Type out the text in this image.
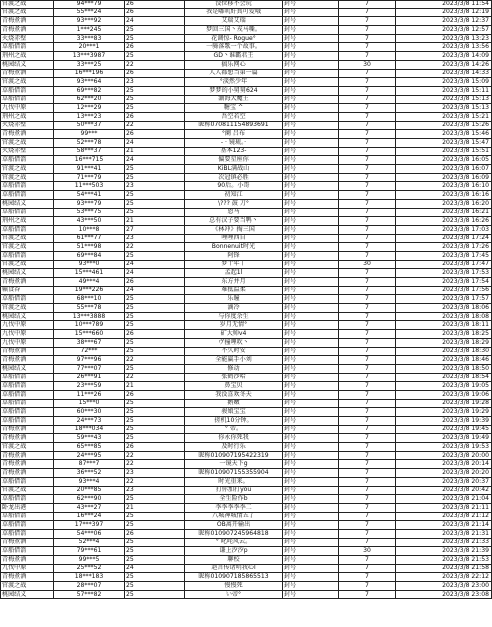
官渡之战	94***79	26	没位移不会玩	封号	7	2023/3/8 11:54
官渡之战	55***24	26	我是嘟叽好真可爱哦	封号	7	2023/3/8 12:19
青梅煮酒	93***92	24	艾瑞艾瑞	封号	7	2023/3/8 12:37
青梅煮酒	1***245	25	梦回三国丶戎马嘶。	封号	7	2023/3/8 12:57
火烧赤壁	33***83	25	花调惊- Rogue°	封号	7	2023/3/8 13:23
草船借箭	20***1	26	一骑落歌一个故事。	封号	7	2023/3/8 13:56
荆州之战	13***3987	25	GD丶谁霸君王	封号	7	2023/3/8 14:09
桃园结义	33***25	22	搞乐网心	封号	30	2023/3/8 14:26
青梅煮酒	16***196	26	人人都想当第一篇	封号	7	2023/3/8 14:33
官渡之战	93***64	23	°淡然少年	封号	7	2023/3/8 15:09
草船借箭	69***82	25	梦梦的小舅舅624	封号	7	2023/3/8 15:11
草船借箭	62***20	25	潮海大魔王	封号	7	2023/3/8 15:13
九伐中原	12***29	25	糖宝 ^	封号	7	2023/3/8 15:13
荆州之战	13***23	26	吾空若空	封号	7	2023/3/8 15:21
火烧赤壁	50***37	22	昵称070811154893691	封号	7	2023/3/8 15:26
青梅煮酒	99***	26	°阑 吕布	封号	7	2023/3/8 15:46
官渡之战	52***78	24	- · 镜琉。·	封号	7	2023/3/8 15:47
火烧赤壁	58***37	21	基本123-	封号	7	2023/3/8 15:51
草船借箭	16***715	24	偏要星座你	封号	7	2023/3/8 16:05
官渡之战	91***41	25	KiBL满战山	封号	7	2023/3/8 16:07
官渡之战	71***79	25	次冠镇必胜	封号	7	2023/3/8 16:09
草船借箭	11***503	23	90后。小哥	封号	7	2023/3/8 16:10
草船借箭	54***41	25	初知江	封号	7	2023/3/8 16:16
桃园结义	93***79	25	\??? 鼓 刀°	封号	7	2023/3/8 16:20
草船借箭	53***75	25	恩马	封号	7	2023/3/8 16:21
荆州之战	43***50	21	总有汉子要当鸭丶	封号	7	2023/3/8 16:26
草船借箭	10***8	27	《林冲》掏三国	封号	7	2023/3/8 17:03
官渡之战	61***77	23	哩哩西自	封号	7	2023/3/8 17:24
官渡之战	51***98	22	Bonnenuit时光	封号	7	2023/3/8 17:26
草船借箭	69***84	25	阿锋	封号	7	2023/3/8 17:45
官渡之战	93***0	24	梦十年丨	封号	30	2023/3/8 17:47
桃园结义	15***461	24	孟起1l	封号	7	2023/3/8 17:53
青梅煮酒	49***4	26	东方并月	封号	7	2023/3/8 17:54
辗食谷	19***226	24	难抵温柔	封号	7	2023/3/8 17:56
草船借箭	68***10	25	乐瞳	封号	7	2023/3/8 17:57
官渡之战	55***78	25	滴冷	封号	7	2023/3/8 18:06
桃园结义	13***3888	25	与你度余生	封号	7	2023/3/8 18:08
九伐中原	10***789	25	岁月无情°	封号	7	2023/3/8 18:11
九伐中原	15***660	26	矿大帅v4	封号	7	2023/3/8 18:25
九伐中原	38***67	25	ヴ撞哩吹丶	封号	7	2023/3/8 18:29
青梅煮酒	72***	25	不久时安	封号	7	2023/3/8 18:30
青梅煮酒	97***96	22	全能赢手小刘	封号	7	2023/3/8 18:46
桃园结义	77***07	25	修动	封号	7	2023/3/8 18:50
草船借箭	26***91	22	张鹤沙哈	封号	7	2023/3/8 18:54
草船借箭	23***59	21	鼻宝贝	封号	7	2023/3/8 19:05
草船借箭	11***26	26	我没喜欢冬天	封号	7	2023/3/8 19:06
草船借箭	15***0	25	鹅嫩	封号	7	2023/3/8 19:28
草船借箭	60***30	25	骏娘宝宝	封号	7	2023/3/8 19:29
草船借箭	24***73	25	搓机10分钟。	封号	7	2023/3/8 19:39
青梅煮酒	18***034	25	° 帝。	封号	7	2023/3/8 19:45
青梅煮酒	59***43	25	你永你死我	封号	7	2023/3/8 19:49
官渡之战	65***85	26	及时行乐	封号	7	2023/3/8 19:53
青梅煮酒	24***95	22	昵称010907195422319	封号	7	2023/3/8 20:00
青梅煮酒	87***7	22	一镜天下g	封号	7	2023/3/8 20:14
青梅煮酒	36***52	23	昵称010907155355904	封号	7	2023/3/8 20:20
草船借箭	93***4	22	时光重来。	封号	7	2023/3/8 20:37
官渡之战	20***85	23	打你加打you	封号	7	2023/3/8 20:42
草船借箭	62***90	25	全生险作b	封号	7	2023/3/8 21:04
卧龙出港	43***27	21	李李李李李二	封号	7	2023/3/8 21:11
草船借箭	16***24	25	八城神城情五了	封号	7	2023/3/8 21:12
草船借箭	17***397	25	OB离开输出	封号	7	2023/3/8 21:14
草船借箭	54***06	26	昵称010907245964818	封号	7	2023/3/8 21:31
青梅煮酒	52***4	25	° 叱咤风云。	封号	7	2023/3/8 21:33
草船借箭	79***61	25	谦上汐汐p	封号	30	2023/3/8 21:39
青梅煮酒	99***5	25	聊校	封号	7	2023/3/8 21:53
九伐中原	25***52	24	赵言传诸明我心l	封号	7	2023/3/8 21:58
青梅煮酒	18***183	25	昵称010907185865513	封号	7	2023/3/8 22:12
官渡之战	28***07	25	慢慢死	封号	7	2023/3/8 23:00
桃园结义	57***82	25	い帝°	封号	7	2023/3/8 23:08
